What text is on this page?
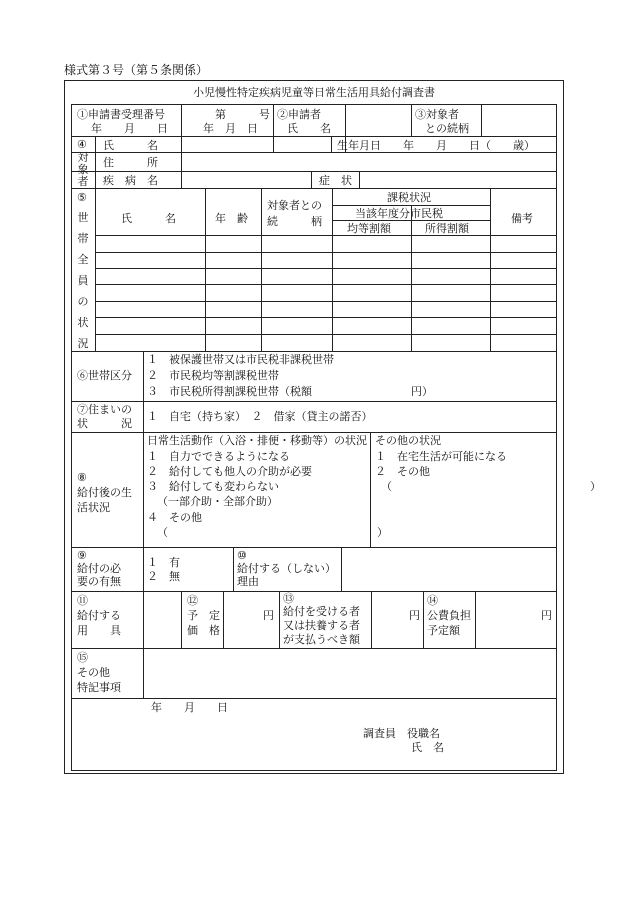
様式第３号（第５条関係）
小児慢性特定疾病児童等日常生活用具給付調査書
①申請書受理番号
年　　月　　日
第　　　号
年　月　日
②申請者
氏　　名
③対象者
との続柄
④
対象者
氏　　　名
住　　　所
疾　病　名
生年月日　　年　　月　　日（　　歳）
症　状
⑤
世帯全員の状況
氏　　　名	年　齢
対象者との
続　　　柄
課税状況
当該年度分市民税
均等割額	所得割額
備考
⑥世帯区分
１　被保護世帯又は市民税非課税世帯
２　市民税均等割課税世帯
３　市民税所得割課税世帯（税額　　　　　　　　　円）
⑦住まいの
状　　　況
１　自宅（持ち家）　２　借家（貸主の諾否）
⑧
給付後の生
活状況
日常生活動作（入浴・排便・移動等）の状況
１　自力でできるようになる
２　給付しても他人の介助が必要
３　給付しても変わらない
（一部介助・全部介助）
４　その他
（　　　　　　　　　　　　　　　　　　　）
その他の状況
１　在宅生活が可能になる
２　その他
（　　　　　　　　　　　　　　　　　　）
⑨
給付の必
要の有無
１　有
２　無
⑩
給付する（しない）
理由
⑪
給付する
用　　具
⑫
予　定
価　格
円
⑬
給付を受ける者
又は扶養する者
が支払うべき額
円
⑭
公費負担
予定額
円
⑮
その他
特記事項
年　　月　　日
調査員　役職名
氏　名
